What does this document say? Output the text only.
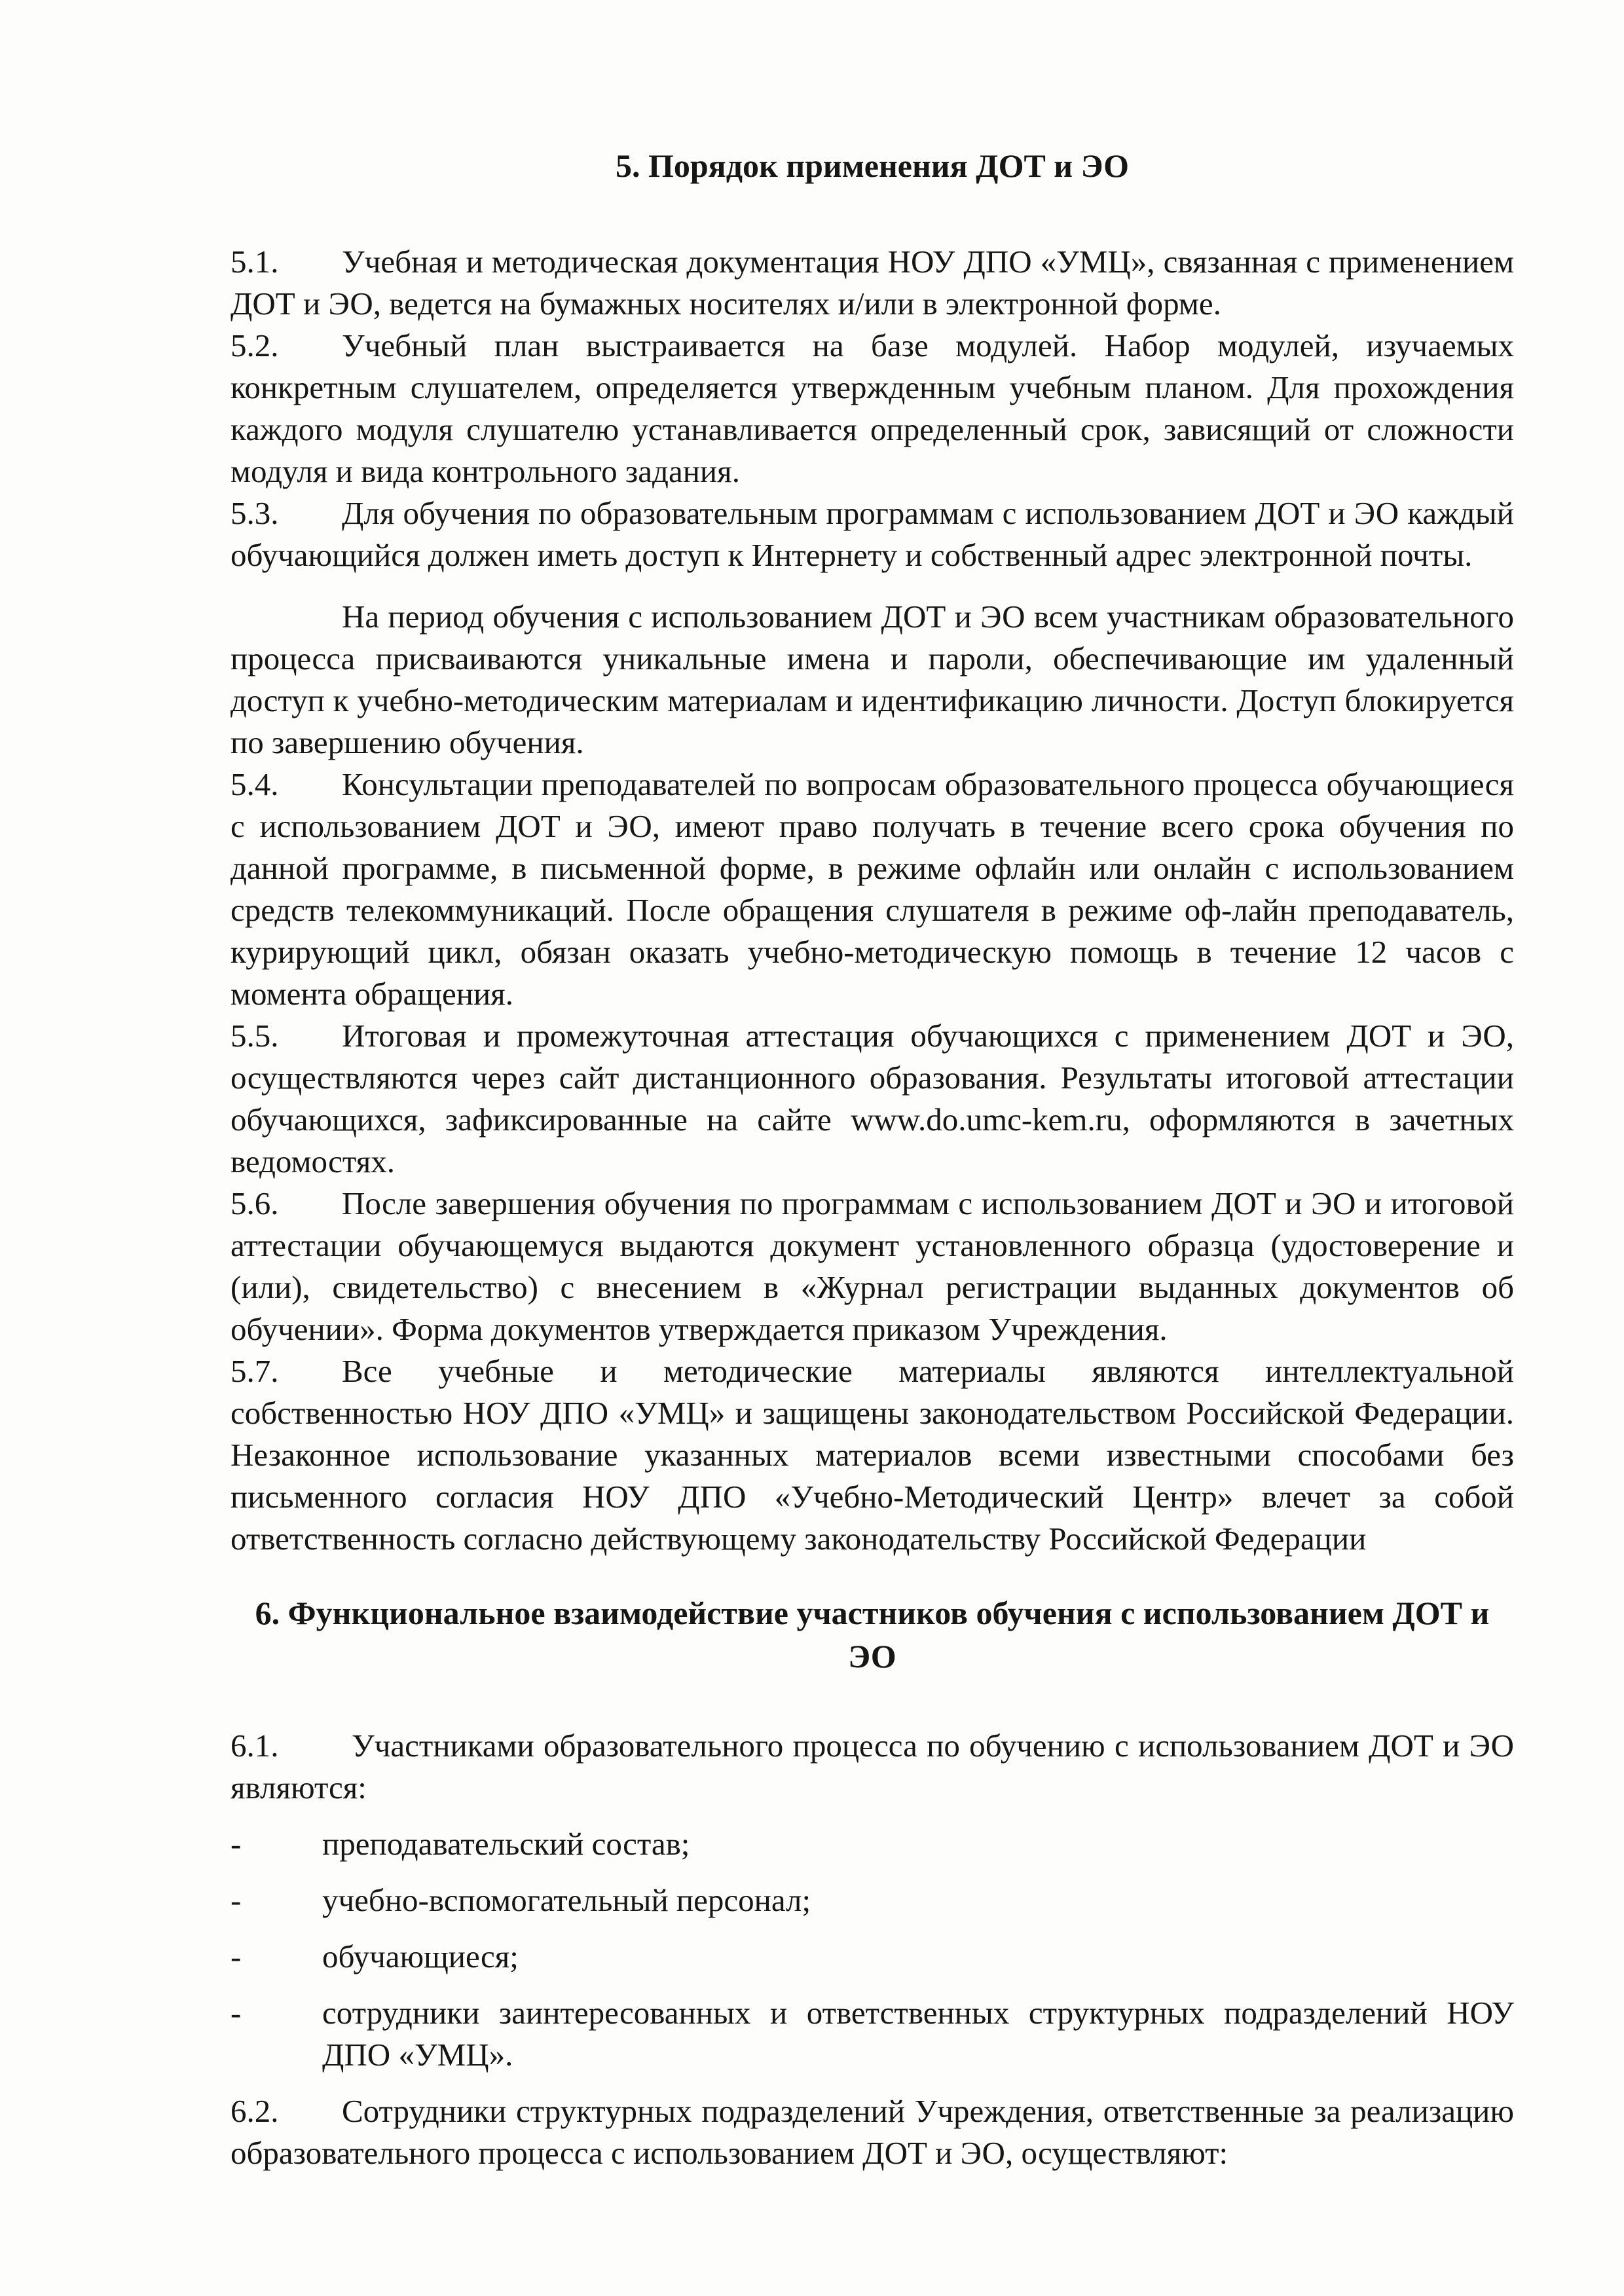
5. Порядок применения ДОТ и ЭО

5.1. Учебная и методическая документация НОУ ДПО «УМЦ», связанная с применением ДОТ и ЭО, ведется на бумажных носителях и/или в электронной форме.

5.2. Учебный план выстраивается на базе модулей. Набор модулей, изучаемых конкретным слушателем, определяется утвержденным учебным планом. Для прохождения каждого модуля слушателю устанавливается определенный срок, зависящий от сложности модуля и вида контрольного задания.

5.3. Для обучения по образовательным программам с использованием ДОТ и ЭО каждый обучающийся должен иметь доступ к Интернету и собственный адрес электронной почты.

На период обучения с использованием ДОТ и ЭО всем участникам образовательного процесса присваиваются уникальные имена и пароли, обеспечивающие им удаленный доступ к учебно-методическим материалам и идентификацию личности. Доступ блокируется по завершению обучения.

5.4. Консультации преподавателей по вопросам образовательного процесса обучающиеся с использованием ДОТ и ЭО, имеют право получать в течение всего срока обучения по данной программе, в письменной форме, в режиме офлайн или онлайн с использованием средств телекоммуникаций. После обращения слушателя в режиме оф-лайн преподаватель, курирующий цикл, обязан оказать учебно-методическую помощь в течение 12 часов с момента обращения.

5.5. Итоговая и промежуточная аттестация обучающихся с применением ДОТ и ЭО, осуществляются через сайт дистанционного образования. Результаты итоговой аттестации обучающихся, зафиксированные на сайте www.do.umc-kem.ru, оформляются в зачетных ведомостях.

5.6. После завершения обучения по программам с использованием ДОТ и ЭО и итоговой аттестации обучающемуся выдаются документ установленного образца (удостоверение и (или), свидетельство) с внесением в «Журнал регистрации выданных документов об обучении». Форма документов утверждается приказом Учреждения.

5.7. Все учебные и методические материалы являются интеллектуальной собственностью НОУ ДПО «УМЦ» и защищены законодательством Российской Федерации. Незаконное использование указанных материалов всеми известными способами без письменного согласия НОУ ДПО «Учебно-Методический Центр» влечет за собой ответственность согласно действующему законодательству Российской Федерации

6. Функциональное взаимодействие участников обучения с использованием ДОТ и
ЭО

6.1. Участниками образовательного процесса по обучению с использованием ДОТ и ЭО являются:

-	преподавательский состав;
-	учебно-вспомогательный персонал;
-	обучающиеся;
-	сотрудники заинтересованных и ответственных структурных подразделений НОУ ДПО «УМЦ».

6.2. Сотрудники структурных подразделений Учреждения, ответственные за реализацию образовательного процесса с использованием ДОТ и ЭО, осуществляют:
